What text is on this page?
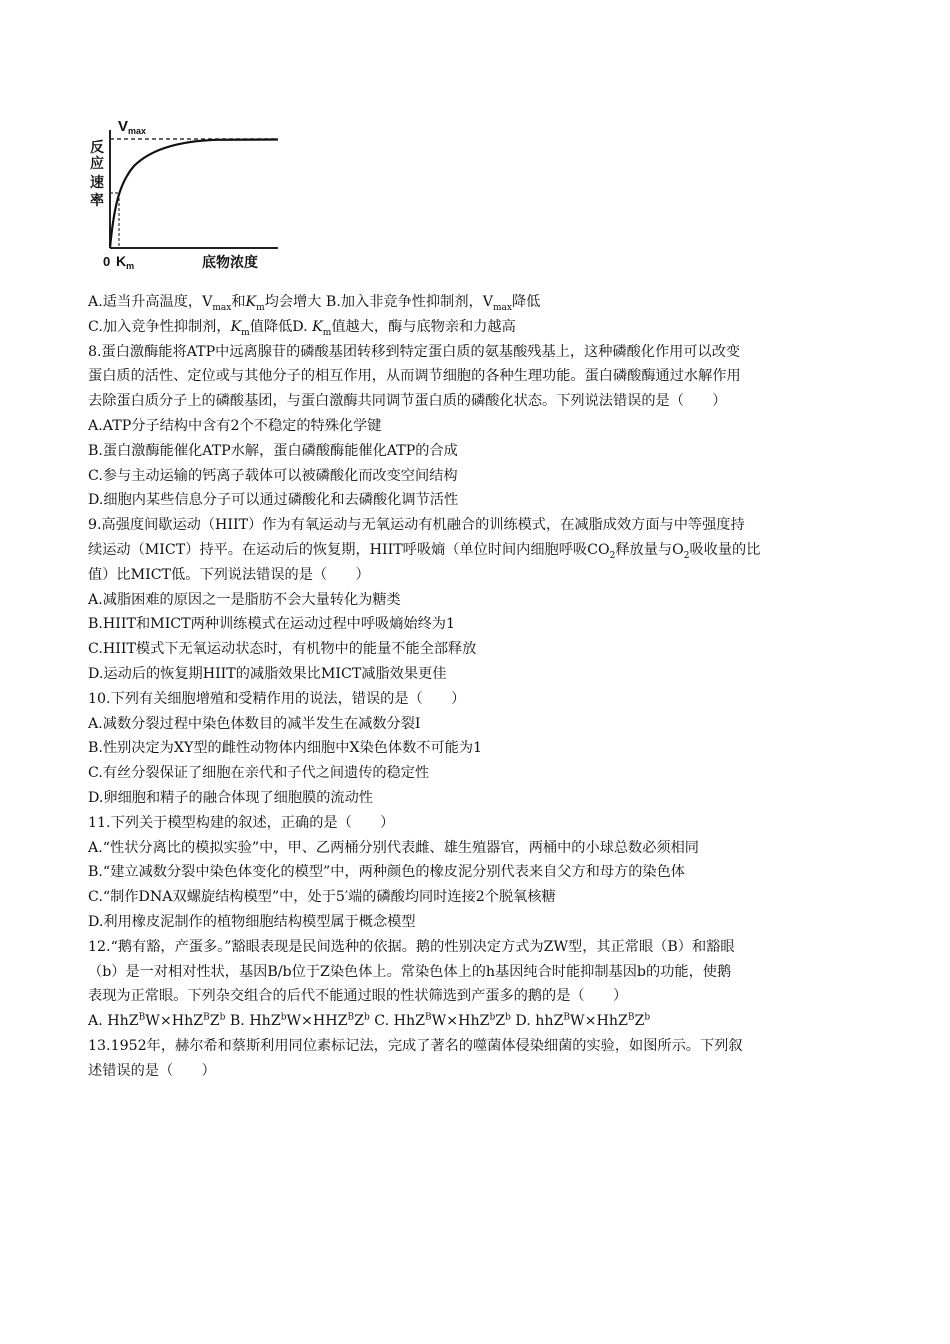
$V_{max}$
反 应 速 率
0 $K_m$	底物浓度
A.适当升高温度，$V_{max}$和$K_m$均会增大 B.加入非竞争性抑制剂，$V_{max}$降低
C.加入竞争性抑制剂，$K_m$值降低D. $K_m$值越大，酶与底物亲和力越高
8.蛋白激酶能将ATP中远离腺苷的磷酸基团转移到特定蛋白质的氨基酸残基上，这种磷酸化作用可以改变
蛋白质的活性、定位或与其他分子的相互作用，从而调节细胞的各种生理功能。蛋白磷酸酶通过水解作用
去除蛋白质分子上的磷酸基团，与蛋白激酶共同调节蛋白质的磷酸化状态。下列说法错误的是（　　）
A.ATP分子结构中含有2个不稳定的特殊化学键
B.蛋白激酶能催化ATP水解，蛋白磷酸酶能催化ATP的合成
C.参与主动运输的钙离子载体可以被磷酸化而改变空间结构
D.细胞内某些信息分子可以通过磷酸化和去磷酸化调节活性
9.高强度间歇运动（HIIT）作为有氧运动与无氧运动有机融合的训练模式，在减脂成效方面与中等强度持
续运动（MICT）持平。在运动后的恢复期，HIIT呼吸熵（单位时间内细胞呼吸$CO_2$释放量与$O_2$吸收量的比
值）比MICT低。下列说法错误的是（　　）
A.减脂困难的原因之一是脂肪不会大量转化为糖类
B.HIIT和MICT两种训练模式在运动过程中呼吸熵始终为1
C.HIIT模式下无氧运动状态时，有机物中的能量不能全部释放
D.运动后的恢复期HIIT的减脂效果比MICT减脂效果更佳
10.下列有关细胞增殖和受精作用的说法，错误的是（　　）
A.减数分裂过程中染色体数目的减半发生在减数分裂Ⅰ
B.性别决定为XY型的雌性动物体内细胞中X染色体数不可能为1
C.有丝分裂保证了细胞在亲代和子代之间遗传的稳定性
D.卵细胞和精子的融合体现了细胞膜的流动性
11.下列关于模型构建的叙述，正确的是（　　）
A.“性状分离比的模拟实验”中，甲、乙两桶分别代表雌、雄生殖器官，两桶中的小球总数必须相同
B.“建立减数分裂中染色体变化的模型”中，两种颜色的橡皮泥分别代表来自父方和母方的染色体
C.“制作DNA双螺旋结构模型”中，处于5′端的磷酸均同时连接2个脱氧核糖
D.利用橡皮泥制作的植物细胞结构模型属于概念模型
12.“鹅有豁，产蛋多。”豁眼表现是民间选种的依据。鹅的性别决定方式为ZW型，其正常眼（B）和豁眼
（b）是一对相对性状，基因B/b位于Z染色体上。常染色体上的h基因纯合时能抑制基因b的功能，使鹅
表现为正常眼。下列杂交组合的后代不能通过眼的性状筛选到产蛋多的鹅的是（　　）
A. $HhZ^BW\times HhZ^BZ^b$ B. $HhZ^bW\times HHZ^BZ^b$ C. $HhZ^BW\times HhZ^bZ^b$ D. $hhZ^BW\times HhZ^BZ^b$
13.1952年，赫尔希和蔡斯利用同位素标记法，完成了著名的噬菌体侵染细菌的实验，如图所示。下列叙
述错误的是（　　）
